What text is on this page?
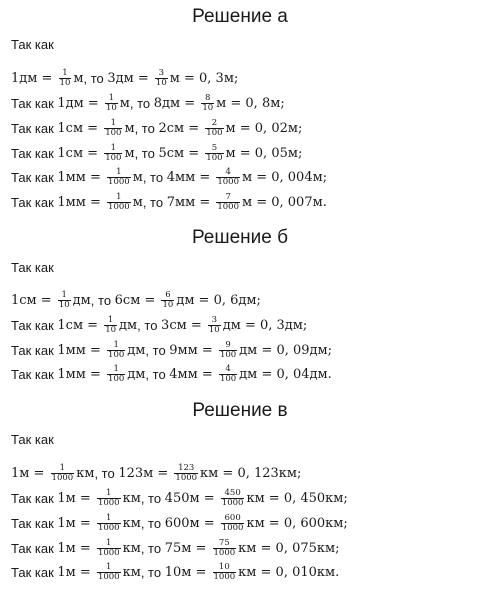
Решение а
Так как
$1дм = \frac{1}{10}$ м , то $3дм = \frac{3}{10}$ м = 0, 3м;
Так как $1дм = \frac{1}{10}$ м , то $8дм = \frac{8}{10}$ м = 0, 8м;
Так как $1см = \frac{1}{100}$ м , то $2см = \frac{2}{100}$ м = 0, 02м;
Так как $1см = \frac{1}{100}$ м , то $5см = \frac{5}{100}$ м = 0, 05м;
Так как $1мм = \frac{1}{1000}$ м , то $4мм = \frac{4}{1000}$ м = 0, 004м;
Так как $1мм = \frac{1}{1000}$ м , то $7мм = \frac{7}{1000}$ м = 0, 007м.
Решение б
Так как
$1см = \frac{1}{10}$ дм , то $6см = \frac{6}{10}$ дм = 0, 6дм;
Так как $1см = \frac{1}{10}$ дм , то $3см = \frac{3}{10}$ дм = 0, 3дм;
Так как $1мм = \frac{1}{100}$ дм , то $9мм = \frac{9}{100}$ дм = 0, 09дм;
Так как $1мм = \frac{1}{100}$ дм , то $4мм = \frac{4}{100}$ дм = 0, 04дм.
Решение в
Так как
$1м = \frac{1}{1000}$ км , то $123м = \frac{123}{1000}$ км = 0, 123км;
Так как $1м = \frac{1}{1000}$ км , то $450м = \frac{450}{1000}$ км = 0, 450км;
Так как $1м = \frac{1}{1000}$ км , то $600м = \frac{600}{1000}$ км = 0, 600км;
Так как $1м = \frac{1}{1000}$ км , то $75м = \frac{75}{1000}$ км = 0, 075км;
Так как $1м = \frac{1}{1000}$ км , то $10м = \frac{10}{1000}$ км = 0, 010км.
